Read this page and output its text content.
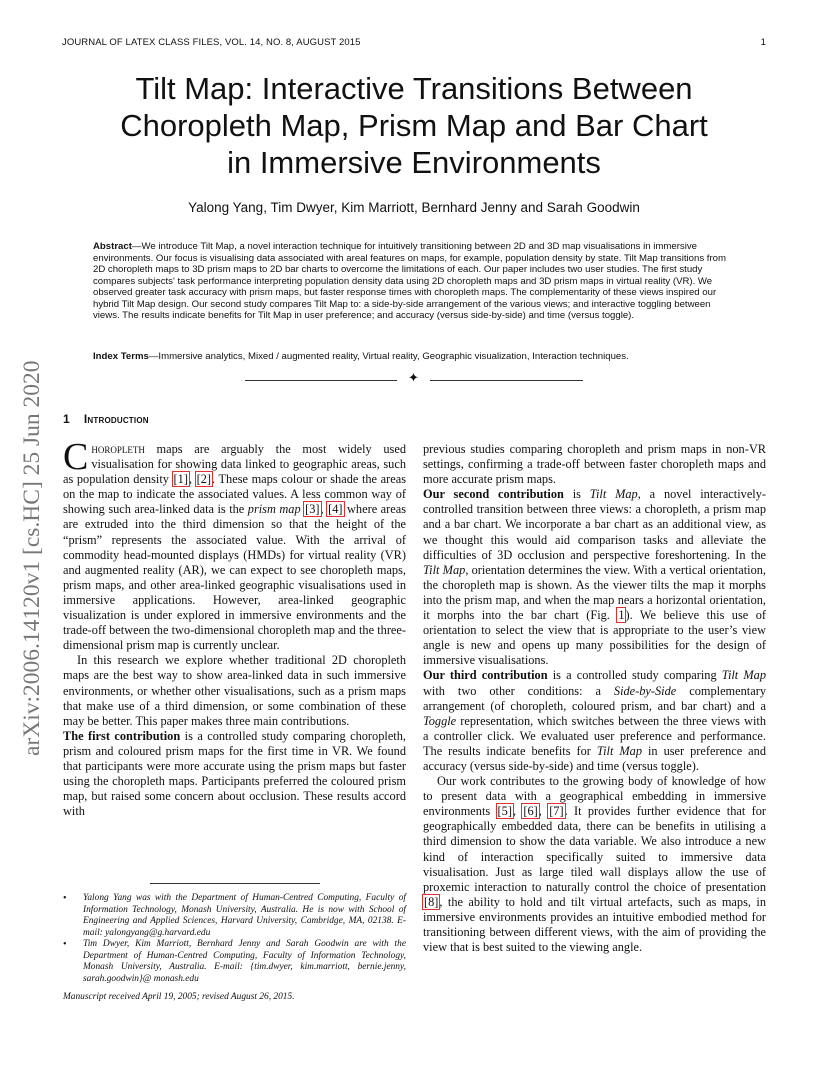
JOURNAL OF LATEX CLASS FILES, VOL. 14, NO. 8, AUGUST 2015	1
arXiv:2006.14120v1 [cs.HC] 25 Jun 2020
Tilt Map: Interactive Transitions Between
Choropleth Map, Prism Map and Bar Chart
in Immersive Environments
Yalong Yang, Tim Dwyer, Kim Marriott, Bernhard Jenny and Sarah Goodwin
Abstract—We introduce Tilt Map, a novel interaction technique for intuitively transitioning between 2D and 3D map visualisations in immersive environments. Our focus is visualising data associated with areal features on maps, for example, population density by state. Tilt Map transitions from 2D choropleth maps to 3D prism maps to 2D bar charts to overcome the limitations of each. Our paper includes two user studies. The first study compares subjects' task performance interpreting population density data using 2D choropleth maps and 3D prism maps in virtual reality (VR). We observed greater task accuracy with prism maps, but faster response times with choropleth maps. The complementarity of these views inspired our hybrid Tilt Map design. Our second study compares Tilt Map to: a side-by-side arrangement of the various views; and interactive toggling between views. The results indicate benefits for Tilt Map in user preference; and accuracy (versus side-by-side) and time (versus toggle).
Index Terms—Immersive analytics, Mixed / augmented reality, Virtual reality, Geographic visualization, Interaction techniques.
✦
1 Introduction

Choropleth maps are arguably the most widely used visualisation for showing data linked to geographic areas, such as population density [1], [2]. These maps colour or shade the areas on the map to indicate the associated values. A less common way of showing such area-linked data is the prism map [3], [4] where areas are extruded into the third dimension so that the height of the “prism” represents the associated value. With the arrival of commodity head-mounted displays (HMDs) for virtual reality (VR) and augmented reality (AR), we can expect to see choropleth maps, prism maps, and other area-linked geographic visualisations used in immersive applications. However, area-linked geographic visualization is under explored in immersive environments and the trade-off between the two-dimensional choropleth map and the three-dimensional prism map is currently unclear.

In this research we explore whether traditional 2D choropleth maps are the best way to show area-linked data in such immersive environments, or whether other visualisations, such as a prism maps that make use of a third dimension, or some combination of these may be better. This paper makes three main contributions.

The first contribution is a controlled study comparing choropleth, prism and coloured prism maps for the first time in VR. We found that participants were more accurate using the prism maps but faster using the choropleth maps. Participants preferred the coloured prism map, but raised some concern about occlusion. These results accord with

• Yalong Yang was with the Department of Human-Centred Computing, Faculty of Information Technology, Monash University, Australia. He is now with School of Engineering and Applied Sciences, Harvard University, Cambridge, MA, 02138. E-mail: yalongyang@g.harvard.edu
• Tim Dwyer, Kim Marriott, Bernhard Jenny and Sarah Goodwin are with the Department of Human-Centred Computing, Faculty of Information Technology, Monash University, Australia. E-mail: {tim.dwyer, kim.marriott, bernie.jenny, sarah.goodwin}@ monash.edu
Manuscript received April 19, 2005; revised August 26, 2015.

previous studies comparing choropleth and prism maps in non-VR settings, confirming a trade-off between faster choropleth maps and more accurate prism maps.

Our second contribution is Tilt Map, a novel interactively-controlled transition between three views: a choropleth, a prism map and a bar chart. We incorporate a bar chart as an additional view, as we thought this would aid comparison tasks and alleviate the difficulties of 3D occlusion and perspective foreshortening. In the Tilt Map, orientation determines the view. With a vertical orientation, the choropleth map is shown. As the viewer tilts the map it morphs into the prism map, and when the map nears a horizontal orientation, it morphs into the bar chart (Fig. 1). We believe this use of orientation to select the view that is appropriate to the user’s view angle is new and opens up many possibilities for the design of immersive visualisations.

Our third contribution is a controlled study comparing Tilt Map with two other conditions: a Side-by-Side complementary arrangement (of choropleth, coloured prism, and bar chart) and a Toggle representation, which switches between the three views with a controller click. We evaluated user preference and performance. The results indicate benefits for Tilt Map in user preference and accuracy (versus side-by-side) and time (versus toggle).

Our work contributes to the growing body of knowledge of how to present data with a geographical embedding in immersive environments [5], [6], [7]. It provides further evidence that for geographically embedded data, there can be benefits in utilising a third dimension to show the data variable. We also introduce a new kind of interaction specifically suited to immersive data visualisation. Just as large tiled wall displays allow the use of proxemic interaction to naturally control the choice of presentation [8], the ability to hold and tilt virtual artefacts, such as maps, in immersive environments provides an intuitive embodied method for transitioning between different views, with the aim of providing the view that is best suited to the viewing angle.
